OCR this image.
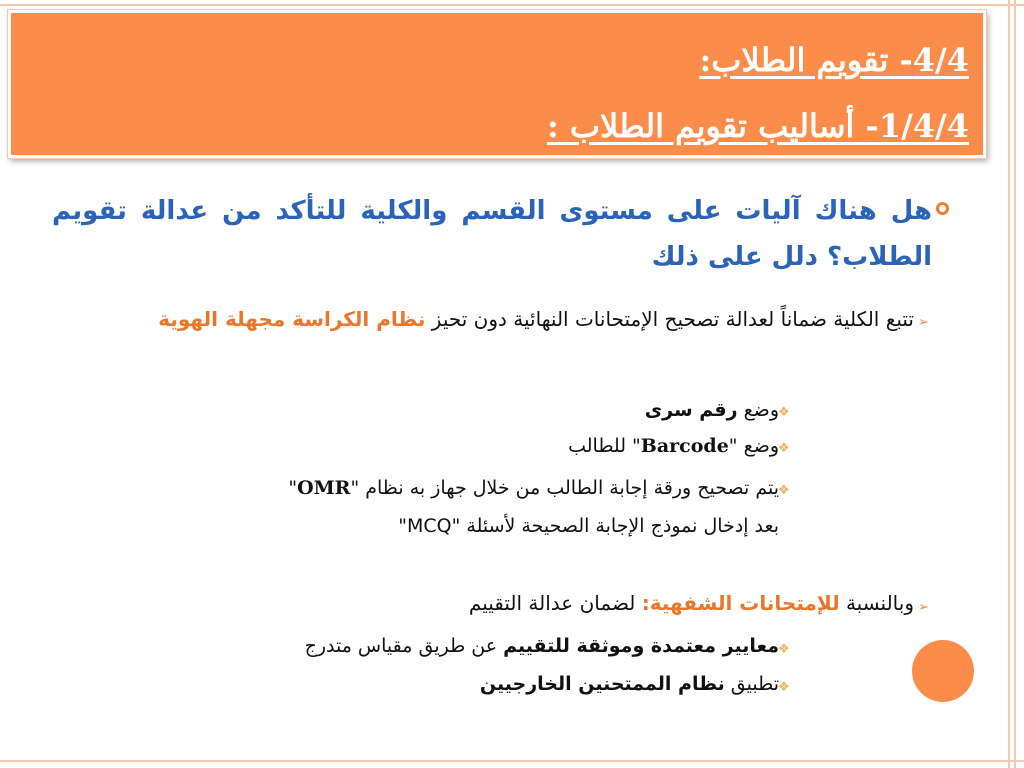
4/4- تقويم الطلاب:
1/4/4- أساليب تقويم الطلاب :
هل هناك آليات على مستوى القسم والكلية للتأكد من عدالة تقويم الطلاب؟ دلل على ذلك
➢
تتبع الكلية ضماناً لعدالة تصحيح الإمتحانات النهائية دون تحيز نظام الكراسة مجهلة الهوية
❖
وضع رقم سرى
❖
وضع "Barcode" للطالب
❖
يتم تصحيح ورقة إجابة الطالب من خلال جهاز به نظام "OMR"
بعد إدخال نموذج الإجابة الصحيحة لأسئلة "MCQ"
➢
وبالنسبة للإمتحانات الشفهية: لضمان عدالة التقييم
❖
معايير معتمدة وموثقة للتقييم عن طريق مقياس متدرج
❖
تطبيق نظام الممتحنين الخارجيين
